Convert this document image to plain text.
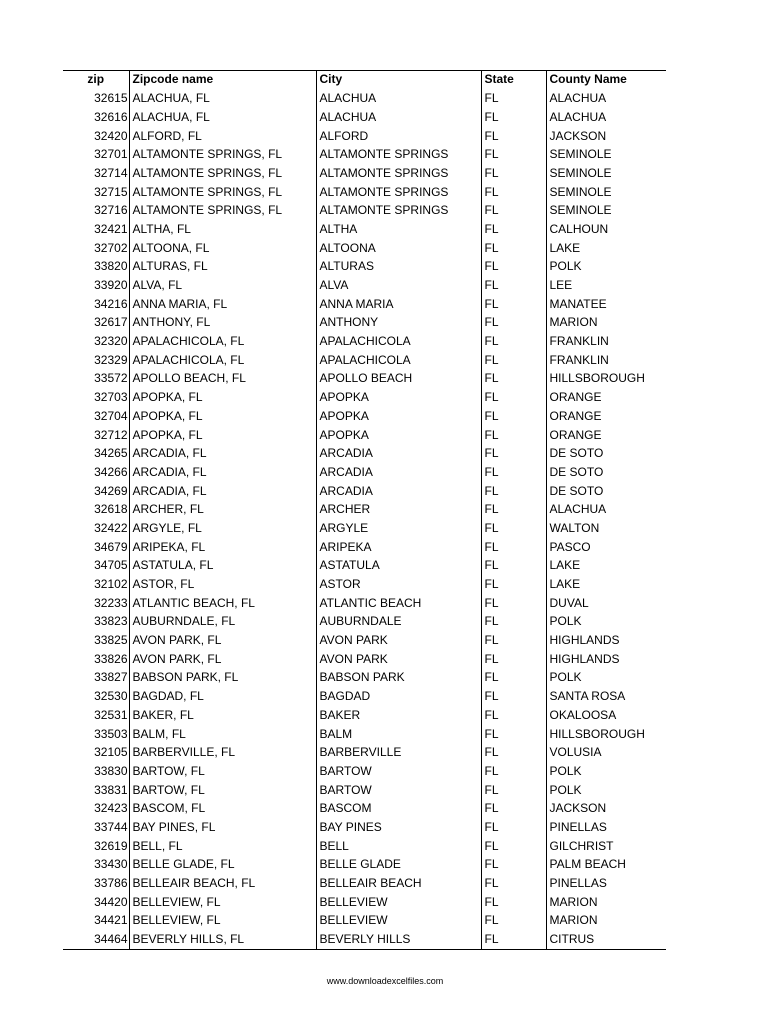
zip	Zipcode name	City	State	County Name
32615	ALACHUA, FL	ALACHUA	FL	ALACHUA
32616	ALACHUA, FL	ALACHUA	FL	ALACHUA
32420	ALFORD, FL	ALFORD	FL	JACKSON
32701	ALTAMONTE SPRINGS, FL	ALTAMONTE SPRINGS	FL	SEMINOLE
32714	ALTAMONTE SPRINGS, FL	ALTAMONTE SPRINGS	FL	SEMINOLE
32715	ALTAMONTE SPRINGS, FL	ALTAMONTE SPRINGS	FL	SEMINOLE
32716	ALTAMONTE SPRINGS, FL	ALTAMONTE SPRINGS	FL	SEMINOLE
32421	ALTHA, FL	ALTHA	FL	CALHOUN
32702	ALTOONA, FL	ALTOONA	FL	LAKE
33820	ALTURAS, FL	ALTURAS	FL	POLK
33920	ALVA, FL	ALVA	FL	LEE
34216	ANNA MARIA, FL	ANNA MARIA	FL	MANATEE
32617	ANTHONY, FL	ANTHONY	FL	MARION
32320	APALACHICOLA, FL	APALACHICOLA	FL	FRANKLIN
32329	APALACHICOLA, FL	APALACHICOLA	FL	FRANKLIN
33572	APOLLO BEACH, FL	APOLLO BEACH	FL	HILLSBOROUGH
32703	APOPKA, FL	APOPKA	FL	ORANGE
32704	APOPKA, FL	APOPKA	FL	ORANGE
32712	APOPKA, FL	APOPKA	FL	ORANGE
34265	ARCADIA, FL	ARCADIA	FL	DE SOTO
34266	ARCADIA, FL	ARCADIA	FL	DE SOTO
34269	ARCADIA, FL	ARCADIA	FL	DE SOTO
32618	ARCHER, FL	ARCHER	FL	ALACHUA
32422	ARGYLE, FL	ARGYLE	FL	WALTON
34679	ARIPEKA, FL	ARIPEKA	FL	PASCO
34705	ASTATULA, FL	ASTATULA	FL	LAKE
32102	ASTOR, FL	ASTOR	FL	LAKE
32233	ATLANTIC BEACH, FL	ATLANTIC BEACH	FL	DUVAL
33823	AUBURNDALE, FL	AUBURNDALE	FL	POLK
33825	AVON PARK, FL	AVON PARK	FL	HIGHLANDS
33826	AVON PARK, FL	AVON PARK	FL	HIGHLANDS
33827	BABSON PARK, FL	BABSON PARK	FL	POLK
32530	BAGDAD, FL	BAGDAD	FL	SANTA ROSA
32531	BAKER, FL	BAKER	FL	OKALOOSA
33503	BALM, FL	BALM	FL	HILLSBOROUGH
32105	BARBERVILLE, FL	BARBERVILLE	FL	VOLUSIA
33830	BARTOW, FL	BARTOW	FL	POLK
33831	BARTOW, FL	BARTOW	FL	POLK
32423	BASCOM, FL	BASCOM	FL	JACKSON
33744	BAY PINES, FL	BAY PINES	FL	PINELLAS
32619	BELL, FL	BELL	FL	GILCHRIST
33430	BELLE GLADE, FL	BELLE GLADE	FL	PALM BEACH
33786	BELLEAIR BEACH, FL	BELLEAIR BEACH	FL	PINELLAS
34420	BELLEVIEW, FL	BELLEVIEW	FL	MARION
34421	BELLEVIEW, FL	BELLEVIEW	FL	MARION
34464	BEVERLY HILLS, FL	BEVERLY HILLS	FL	CITRUS
www.downloadexcelfiles.com
